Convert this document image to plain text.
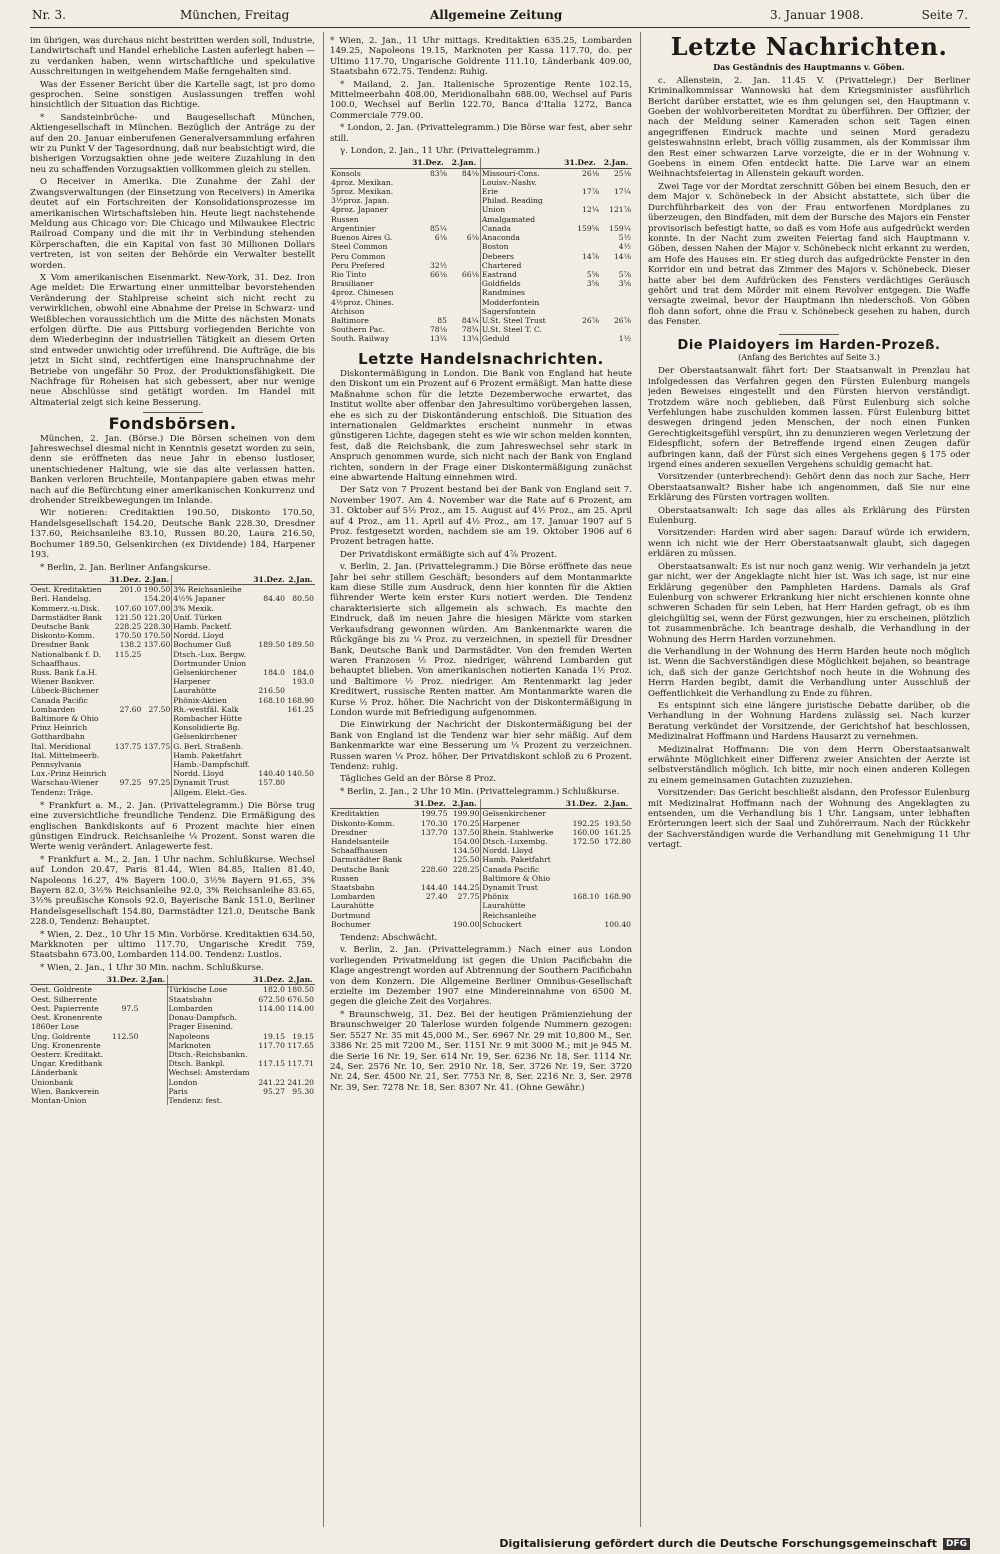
Nr. 3.	München, Freitag	Allgemeine Zeitung	3. Januar 1908.	Seite 7.

im übrigen, was durchaus nicht bestritten werden soll, Industrie, Landwirtschaft und Handel erhebliche Lasten auferlegt haben — zu verdanken haben, wenn wirtschaftliche und spekulative Ausschreitungen in weitgehendem Maße ferngehalten sind.

Was der Essener Bericht über die Kartelle sagt, ist pro domo gesprochen. Seine sonstigen Auslassungen treffen wohl hinsichtlich der Situation das Richtige.

* Sandsteinbrüche- und Baugesellschaft München, Aktiengesellschaft in München. Bezüglich der Anträge zu der auf den 20. Januar einberufenen Generalversammlung erfahren wir zu Punkt V der Tagesordnung, daß nur beabsichtigt wird, die bisherigen Vorzugsaktien ohne jede weitere Zuzahlung in den neu zu schaffenden Vorzugsaktien vollkommen gleich zu stellen.

O Receiver in Amerika. Die Zunahme der Zahl der Zwangsverwaltungen (der Einsetzung von Receivers) in Amerika deutet auf ein Fortschreiten der Konsolidationsprozesse im amerikanischen Wirtschaftsleben hin. Heute liegt nachstehende Meldung aus Chicago vor: Die Chicago und Milwaukee Electric Railroad Company und die mit ihr in Verbindung stehenden Körperschaften, die ein Kapital von fast 30 Millionen Dollars vertreten, ist von seiten der Behörde ein Verwalter bestellt worden.

X Vom amerikanischen Eisenmarkt. New-York, 31. Dez. Iron Age meldet: Die Erwartung einer unmittelbar bevorstehenden Veränderung der Stahlpreise scheint sich nicht recht zu verwirklichen, obwohl eine Abnahme der Preise in Schwarz- und Weißblechen voraussichtlich um die Mitte des nächsten Monats erfolgen dürfte. Die aus Pittsburg vorliegenden Berichte von dem Wiederbeginn der industriellen Tätigkeit an diesem Orten sind entweder unwichtig oder irreführend. Die Aufträge, die bis jetzt in Sicht sind, rechtfertigen eine Inanspruchnahme der Betriebe von ungefähr 50 Proz. der Produktionsfähigkeit. Die Nachfrage für Roheisen hat sich gebessert, aber nur wenige neue Abschlüsse sind getätigt worden. Im Handel mit Altmaterial zeigt sich keine Besserung.

Fondsbörsen.

München, 2. Jan. (Börse.) Die Börsen scheinen von dem Jahreswechsel diesmal nicht in Kenntnis gesetzt worden zu sein, denn sie eröffneten das neue Jahr in ebenso lustloser, unentschiedener Haltung, wie sie das alte verlassen hatten. Banken verloren Bruchteile, Montanpapiere gaben etwas mehr nach auf die Befürchtung einer amerikanischen Konkurrenz und drohender Streikbewegungen im Inlande.

Wir notieren: Creditaktien 190.50, Diskonto 170.50, Handelsgesellschaft 154.20, Deutsche Bank 228.30, Dresdner 137.60, Reichsanleihe 83.10, Russen 80.20, Laura 216.50, Bochumer 189.50, Gelsenkirchen (ex Dividende) 184, Harpener 193.

* Berlin, 2. Jan. Berliner Anfangskurse.

	31.Dez.	2.Jan.		31.Dez.	2.Jan.
Oest. Kreditaktien	201.0	190.50	3% Reichsanleihe		
Berl. Handelsg.		154.20	4½% Japaner	84.40	80.50
Kommerz.-u.Disk.	107.60	107.00	3% Mexik.		
Darmstädter Bank	121.50	121.20	Unif. Türken		
Deutsche Bank	228.25	228.30	Hamb. Packetf.		
Diskonto-Komm.	170.50	170.50	Nordd. Lloyd		
Dresdner Bank	138.2	137.60	Bochumer Guß	189.50	189.50
Nationalbank f. D.	115.25		Dtsch.-Lux. Bergw.		
Schaaffhaus.			Dortmunder Union		
Russ. Bank f.a.H.			Gelsenkirchener	184.0	184.0
Wiener Bankver.			Harpener		193.0
Lübeck-Büchener			Laurahütte	216.50	
Canada Pacific			Phönix-Aktien	168.10	168.90
Lombarden	27.60	27.50	Rh.-westfäl. Kalk		161.25
Baltimore & Ohio			Rombacher Hütte		
Prinz Heinrich			Konsolidierte Bg.		
Gotthardbahn			Gelsenkirchener		
Ital. Meridional	137.75	137.75	G. Berl. Straßenb.		
Ital. Mittelmeerb.			Hamb. Paketfahrt		
Pennsylvania			Hamb.-Dampfschiff.		
Lux.-Prinz Heinrich			Nordd. Lloyd	140.40	140.50
Warschau-Wiener	97.25	97.25	Dynamit Trust	157.80	
Tendenz: Träge.			Allgem. Elekt.-Ges.		

* Frankfurt a. M., 2. Jan. (Privattelegramm.) Die Börse trug eine zuversichtliche freundliche Tendenz. Die Ermäßigung des englischen Bankdiskonts auf 6 Prozent machte hier einen günstigen Eindruck. Reichsanleihe ¼ Prozent. Sonst waren die Werte wenig verändert. Anlagewerte fest.

* Frankfurt a. M., 2. Jan. 1 Uhr nachm. Schlußkurse. Wechsel auf London 20.47, Paris 81.44, Wien 84.85, Italien 81.40, Napoleons 16.27, 4% Bayern 100.0, 3½% Bayern 91.65, 3% Bayern 82.0, 3½% Reichsanleihe 92.0, 3% Reichsanleihe 83.65, 3½% preußische Konsols 92.0, Bayerische Bank 151.0, Berliner Handelsgesellschaft 154.80, Darmstädter 121.0, Deutsche Bank 228.0, Tendenz: Behauptet.

* Wien, 2. Dez., 10 Uhr 15 Min. Vorbörse. Kreditaktien 634.50, Markknoten per ultimo 117.70, Ungarische Kredit 759, Staatsbahn 673.00, Lombarden 114.00. Tendenz: Lustlos.

* Wien, 2. Jan., 1 Uhr 30 Min. nachm. Schlußkurse.

	31.Dez.	2.Jan.		31.Dez.	2.Jan.
Oest. Goldrente			Türkische Lose	182.0	180.50
Oest. Silberrente			Staatsbahn	672.50	676.50
Oest. Papierrente	97.5		Lombarden	114.00	114.00
Oest. Kronenrente			Donau-Dampfsch.		
1860er Lose			Prager Eisenind.		
Ung. Goldrente	112.50		Napoleons	19.15	19.15
Ung. Kronenrente			Marknoten	117.70	117.65
Oesterr. Kreditakt.			Dtsch.-Reichsbankn.		
Ungar. Kreditbank			Dtsch. Bankpl.	117.15	117.71
Länderbank			Wechsel: Amsterdam		
Unionbank			London	241.22	241.20
Wien. Bankverein			Paris	95.27	95.30
Montan-Union			Tendenz: fest.		

* Wien, 2. Jan., 11 Uhr mittags. Kreditaktien 635.25, Lombarden 149.25, Napoleons 19.15, Marknoten per Kassa 117.70, do. per Ultimo 117.70, Ungarische Goldrente 111.10, Länderbank 409.00, Staatsbahn 672.75. Tendenz: Ruhig.

* Mailand, 2. Jan. Italienische 5prozentige Rente 102.15, Mittelmeerbahn 408.00, Meridionalbahn 688.00, Wechsel auf Paris 100.0, Wechsel auf Berlin 122.70, Banca d'Italia 1272, Banca Commerciale 779.00.

* London, 2. Jan. (Privattelegramm.) Die Börse war fest, aber sehr still.

γ. London, 2. Jan., 11 Uhr. (Privattelegramm.)

	31.Dez.	2.Jan.		31.Dez.	2.Jan.
Konsols	83⅝	84⅛	Missouri-Cons.	26⅛	25⅛
4proz. Mexikan.			Louisv.-Nashv.		
5proz. Mexikan.			Erie	17⅞	17¼
3½proz. Japan.			Philad. Reading		
4proz. Japaner			Union	12¼	121⅞
Russen			Amalgamated		
Argentinier	85¼		Canada	159⅝	159¼
Buenos Aires G.	6⅛	6⅛	Anaconda		5½
Steel Common			Boston		4½
Peru Common			Debeers	14⅞	14⅛
Peru Prefered	32½		Chartered		
Rio Tinto	66⅛	66⅛	Eastrand	5⅝	5⅞
Brasilianer			Goldfields	3⅝	3⅝
4proz. Chinesen			Randmines		
4½proz. Chines.			Modderfontein		
Atchison			Sagersfontein		
Baltimore	85	84¼	U.St. Steel Trust	26⅞	26⅞
Southern Pac.	78⅛	78¾	U.St. Steel T. C.		
South. Railway	13¼	13¼	Geduld		1½
Letzte Handelsnachrichten.

Diskontermäßigung in London. Die Bank von England hat heute den Diskont um ein Prozent auf 6 Prozent ermäßigt. Man hatte diese Maßnahme schon für die letzte Dezemberwoche erwartet, das Institut wollte aber offenbar den Jahresultimo vorübergehen lassen, ehe es sich zu der Diskontänderung entschloß. Die Situation des internationalen Geldmarktes erscheint nunmehr in etwas günstigeren Lichte, dagegen steht es wie wir schon melden konnten, fest, daß die Reichsbank, die zum Jahreswechsel sehr stark in Anspruch genommen wurde, sich nicht nach der Bank von England richten, sondern in der Frage einer Diskontermäßigung zunächst eine abwartende Haltung einnehmen wird.

Der Satz von 7 Prozent bestand bei der Bank von England seit 7. November 1907. Am 4. November war die Rate auf 6 Prozent, am 31. Oktober auf 5½ Proz., am 15. August auf 4½ Proz., am 25. April auf 4 Proz., am 11. April auf 4½ Proz., am 17. Januar 1907 auf 5 Proz. festgesetzt worden, nachdem sie am 19. Oktober 1906 auf 6 Prozent betragen hatte.

Der Privatdiskont ermäßigte sich auf 4⅞ Prozent.

v. Berlin, 2. Jan. (Privattelegramm.) Die Börse eröffnete das neue Jahr bei sehr stillem Geschäft; besonders auf dem Montanmarkte kam diese Stille zum Ausdruck, denn hier konnten für die Aktien führender Werte kein erster Kurs notiert werden. Die Tendenz charakterisierte sich allgemein als schwach. Es machte den Eindruck, daß im neuen Jahre die hiesigen Märkte vom starken Verkaufsdrang gewonnen würden. Am Bankenmarkte waren die Rückgänge bis zu ¼ Proz. zu verzeichnen, in speziell für Dresdner Bank, Deutsche Bank und Darmstädter. Von den fremden Werten waren Franzosen ½ Proz. niedriger, während Lombarden gut behauptet blieben. Von amerikanischen notierten Kanada 1½ Proz. und Baltimore ½ Proz. niedriger. Am Rentenmarkt lag jeder Kreditwert, russische Renten matter. Am Montanmarkte waren die Kurse ½ Proz. höher. Die Nachricht von der Diskontermäßigung in London wurde mit Befriedigung aufgenommen.

Die Einwirkung der Nachricht der Diskontermäßigung bei der Bank von England ist die Tendenz war hier sehr mäßig. Auf dem Bankenmarkte war eine Besserung um ¼ Prozent zu verzeichnen. Russen waren ¼ Proz. höher. Der Privatdiskont schloß zu 6 Prozent. Tendenz: ruhig.

Tägliches Geld an der Börse 8 Proz.

* Berlin, 2. Jan., 2 Uhr 10 Min. (Privattelegramm.) Schlußkurse.

	31.Dez.	2.Jan.		31.Dez.	2.Jan.
Kreditaktien	199.75	199.90	Gelsenkirchener		
Diskonto-Komm.	170.30	170.25	Harpener	192.25	193.50
Dresdner	137.70	137.50	Rhein. Stahlwerke	160.00	161.25
Handelsanteile		154.00	Dtsch.-Luxembg.	172.50	172.80
Schaaffhausen		134.50	Nordd. Lloyd		
Darmstädter Bank		125.50	Hamb. Paketfahrt		
Deutsche Bank	228.60	228.25	Canada Pacific		
Russen			Baltimore & Ohio		
Staatsbahn	144.40	144.25	Dynamit Trust		
Lombarden	27.40	27.75	Phönix	168.10	168.90
Laurahütte			Laurahütte		
Dortmund			Reichsanleihe		
Bochumer		190.00	Schuckert		100.40

Tendenz: Abschwächt.

v. Berlin, 2. Jan. (Privattelegramm.) Nach einer aus London vorliegenden Privatmeldung ist gegen die Union Pacificbahn die Klage angestrengt worden auf Abtrennung der Southern Pacificbahn von dem Konzern. Die Allgemeine Berliner Omnibus-Gesellschaft erzielte im Dezember 1907 eine Mindereinnahme von 6500 M. gegen die gleiche Zeit des Vorjahres.

* Braunschweig, 31. Dez. Bei der heutigen Prämienziehung der Braunschweiger 20 Talerlose wurden folgende Nummern gezogen: Ser. 5527 Nr. 35 mit 45,000 M., Ser. 6967 Nr. 29 mit 10,800 M., Ser. 3386 Nr. 25 mit 7200 M., Ser. 1151 Nr. 9 mit 3000 M.; mit je 945 M. die Serie 16 Nr. 19, Ser. 614 Nr. 19, Ser. 6236 Nr. 18, Ser. 1114 Nr. 24, Ser. 2576 Nr. 10, Ser. 2910 Nr. 18, Ser. 3726 Nr. 19, Ser. 3720 Nr. 24, Ser. 4500 Nr. 21, Ser. 7753 Nr. 8, Ser. 2216 Nr. 3, Ser. 2978 Nr. 39, Ser. 7278 Nr. 18, Ser. 8307 Nr. 41. (Ohne Gewähr.)

Letzte Nachrichten.
Das Geständnis des Hauptmanns v. Göben.

c. Allenstein, 2. Jan. 11.45 V. (Privattelegr.) Der Berliner Kriminalkommissar Wannowski hat dem Kriegsminister ausführlich Bericht darüber erstattet, wie es ihm gelungen sei, den Hauptmann v. Goeben der wohlvorbereiteten Mordtat zu überführen. Der Offizier, der nach der Meldung seiner Kameraden schon seit Tagen einen angegriffenen Eindruck machte und seinen Mord geradezu geisteswahnsinn erlebt, brach völlig zusammen, als der Kommissar ihm den Rest einer schwarzen Larve vorzeigte, die er in der Wohnung v. Goebens in einem Ofen entdeckt hatte. Die Larve war an einem Weihnachtsfeiertag in Allenstein gekauft worden.

Zwei Tage vor der Mordtat zerschnitt Göben bei einem Besuch, den er dem Major v. Schönebeck in der Absicht abstattete, sich über die Durchführbarkeit des von der Frau entworfenen Mordplanes zu überzeugen, den Bindfaden, mit dem der Bursche des Majors ein Fenster provisorisch befestigt hatte, so daß es vom Hofe aus aufgedrückt werden konnte. In der Nacht zum zweiten Feiertag fand sich Hauptmann v. Göben, dessen Nahen der Major v. Schönebeck nicht erkannt zu werden, am Hofe des Hauses ein. Er stieg durch das aufgedrückte Fenster in den Korridor ein und betrat das Zimmer des Majors v. Schönebeck. Dieser hatte aber bei dem Aufdrücken des Fensters verdächtiges Geräusch gehört und trat dem Mörder mit einem Revolver entgegen. Die Waffe versagte zweimal, bevor der Hauptmann ihn niederschoß. Von Göben floh dann sofort, ohne die Frau v. Schönebeck gesehen zu haben, durch das Fenster.

Die Plaidoyers im Harden-Prozeß.
(Anfang des Berichtes auf Seite 3.)

Der Oberstaatsanwalt fährt fort: Der Staatsanwalt in Prenzlau hat infolgedessen das Verfahren gegen den Fürsten Eulenburg mangels jeden Beweises eingestellt und den Fürsten hiervon verständigt. Trotzdem wäre noch geblieben, daß Fürst Eulenburg sich solche Verfehlungen habe zuschulden kommen lassen. Fürst Eulenburg bittet deswegen dringend jeden Menschen, der noch einen Funken Gerechtigkeitsgefühl verspürt, ihn zu denunzieren wegen Verletzung der Eidespflicht, sofern der Betreffende irgend einen Zeugen dafür aufbringen kann, daß der Fürst sich eines Vergehens gegen § 175 oder irgend eines anderen sexuellen Vergehens schuldig gemacht hat.

Vorsitzender (unterbrechend): Gehört denn das noch zur Sache, Herr Oberstaatsanwalt? Bisher habe ich angenommen, daß Sie nur eine Erklärung des Fürsten vortragen wollten.

Oberstaatsanwalt: Ich sage das alles als Erklärung des Fürsten Eulenburg.

Vorsitzender: Harden wird aber sagen: Darauf würde ich erwidern, wenn ich nicht wie der Herr Oberstaatsanwalt glaubt, sich dagegen erklären zu müssen.

Oberstaatsanwalt: Es ist nur noch ganz wenig. Wir verhandeln ja jetzt gar nicht, wer der Angeklagte nicht hier ist. Was ich sage, ist nur eine Erklärung gegenüber den Pamphleten Hardens. Damals als Graf Eulenburg von schwerer Erkrankung hier nicht erschienen konnte ohne schweren Schaden für sein Leben, hat Herr Harden gefragt, ob es ihm gleichgültig sei, wenn der Fürst gezwungen, hier zu erscheinen, plötzlich tot zusammenbräche. Ich beantrage deshalb, die Verhandlung in der Wohnung des Herrn Harden vorzunehmen.

die Verhandlung in der Wohnung des Herrn Harden heute noch möglich ist. Wenn die Sachverständigen diese Möglichkeit bejahen, so beantrage ich, daß sich der ganze Gerichtshof noch heute in die Wohnung des Herrn Harden begibt, damit die Verhandlung unter Ausschluß der Oeffentlichkeit die Verhandlung zu Ende zu führen.

Es entspinnt sich eine längere juristische Debatte darüber, ob die Verhandlung in der Wohnung Hardens zulässig sei. Nach kurzer Beratung verkündet der Vorsitzende, der Gerichtshof hat beschlossen, Medizinalrat Hoffmann und Hardens Hausarzt zu vernehmen.

Medizinalrat Hoffmann: Die von dem Herrn Oberstaatsanwalt erwähnte Möglichkeit einer Differenz zweier Ansichten der Aerzte ist selbstverständlich möglich. Ich bitte, mir noch einen anderen Kollegen zu einem gemeinsamen Gutachten zuzuziehen.

Vorsitzender: Das Gericht beschließt alsdann, den Professor Eulenburg mit Medizinalrat Hoffmann nach der Wohnung des Angeklagten zu entsenden, um die Verhandlung bis 1 Uhr. Langsam, unter lebhaften Erörterungen leert sich der Saal und Zuhörerraum. Nach der Rückkehr der Sachverständigen wurde die Verhandlung mit Genehmigung 11 Uhr vertagt.

Digitalisierung gefördert durch die Deutsche Forschungsgemeinschaft	DFG
